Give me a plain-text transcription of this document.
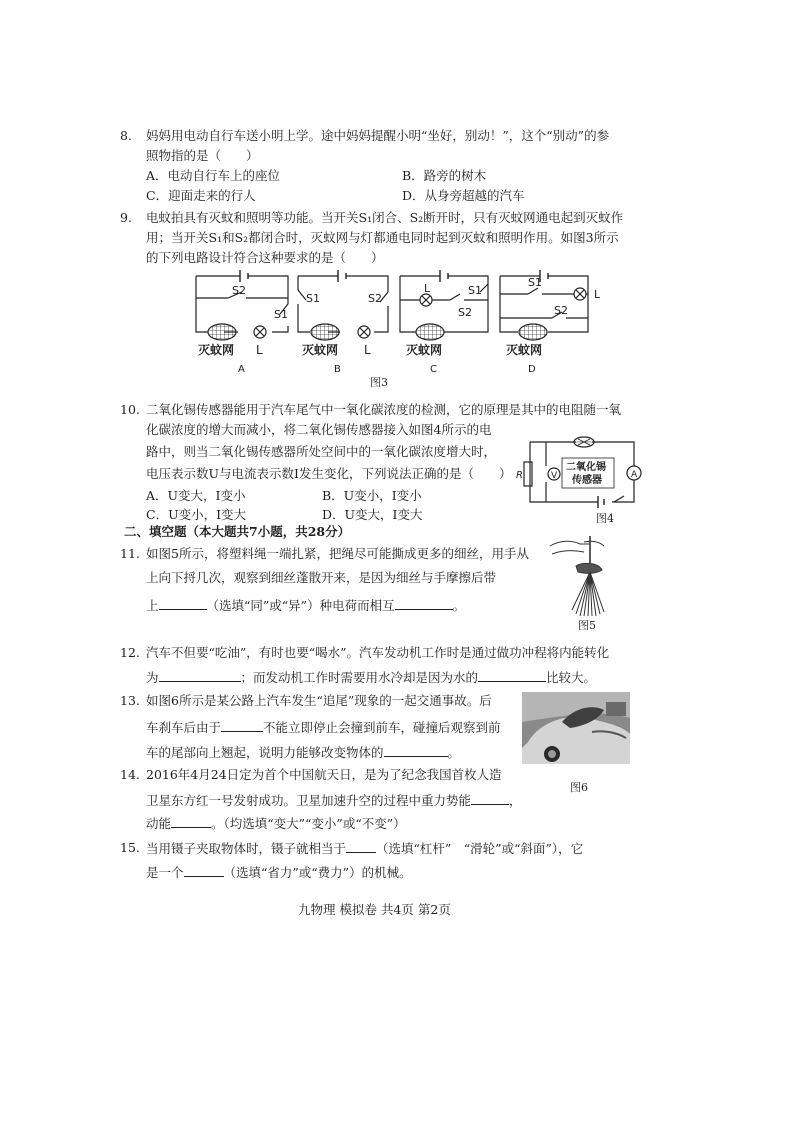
8. 妈妈用电动自行车送小明上学。途中妈妈提醒小明“坐好，别动！”，这个“别动”的参
照物指的是（　　）
A．电动自行车上的座位	B．路旁的树木
C．迎面走来的行人	D．从身旁超越的汽车
9. 电蚊拍具有灭蚊和照明等功能。当开关S₁闭合、S₂断开时，只有灭蚊网通电起到灭蚊作
用；当开关S₁和S₂都闭合时，灭蚊网与灯都通电同时起到灭蚊和照明作用。如图3所示
的下列电路设计符合这种要求的是（　　）
S2
S1
灭蚊网 L
S1	S2
灭蚊网 L
L	S1
S2
灭蚊网
S1
L
S2
灭蚊网
A	B	C	D
图3
10. 二氧化锡传感器能用于汽车尾气中一氧化碳浓度的检测，它的原理是其中的电阻随一氧
化碳浓度的增大而减小，将二氧化锡传感器接入如图4所示的电
路中，则当二氧化锡传感器所处空间中的一氧化碳浓度增大时，
电压表示数U与电流表示数I发生变化，下列说法正确的是（　　）
A．U变大，I变小	B．U变小，I变小
C．U变小，I变大	D．U变大，I变大
R	V	A
二氧化锡
传感器
图4
二、填空题（本大题共7小题，共28分）
11. 如图5所示，将塑料绳一端扎紧，把绳尽可能撕成更多的细丝，用手从
上向下捋几次，观察到细丝蓬散开来，是因为细丝与手摩擦后带
上	（选填“同”或“异”）种电荷而相互	。
图5
12. 汽车不但要“吃油”，有时也要“喝水”。汽车发动机工作时是通过做功冲程将内能转化
为	；而发动机工作时需要用水冷却是因为水的	比较大。
13. 如图6所示是某公路上汽车发生“追尾”现象的一起交通事故。后
车刹车后由于	不能立即停止会撞到前车，碰撞后观察到前
车的尾部向上翘起，说明力能够改变物体的	。
图6
14. 2016年4月24日定为首个中国航天日，是为了纪念我国首枚人造
卫星东方红一号发射成功。卫星加速升空的过程中重力势能	，
动能	。（均选填“变大”“变小”或“不变”）
15. 当用镊子夹取物体时，镊子就相当于 （选填“杠杆”　“滑轮”或“斜面”），它
是一个	（选填“省力”或“费力”）的机械。
九物理 模拟卷 共4页 第2页
